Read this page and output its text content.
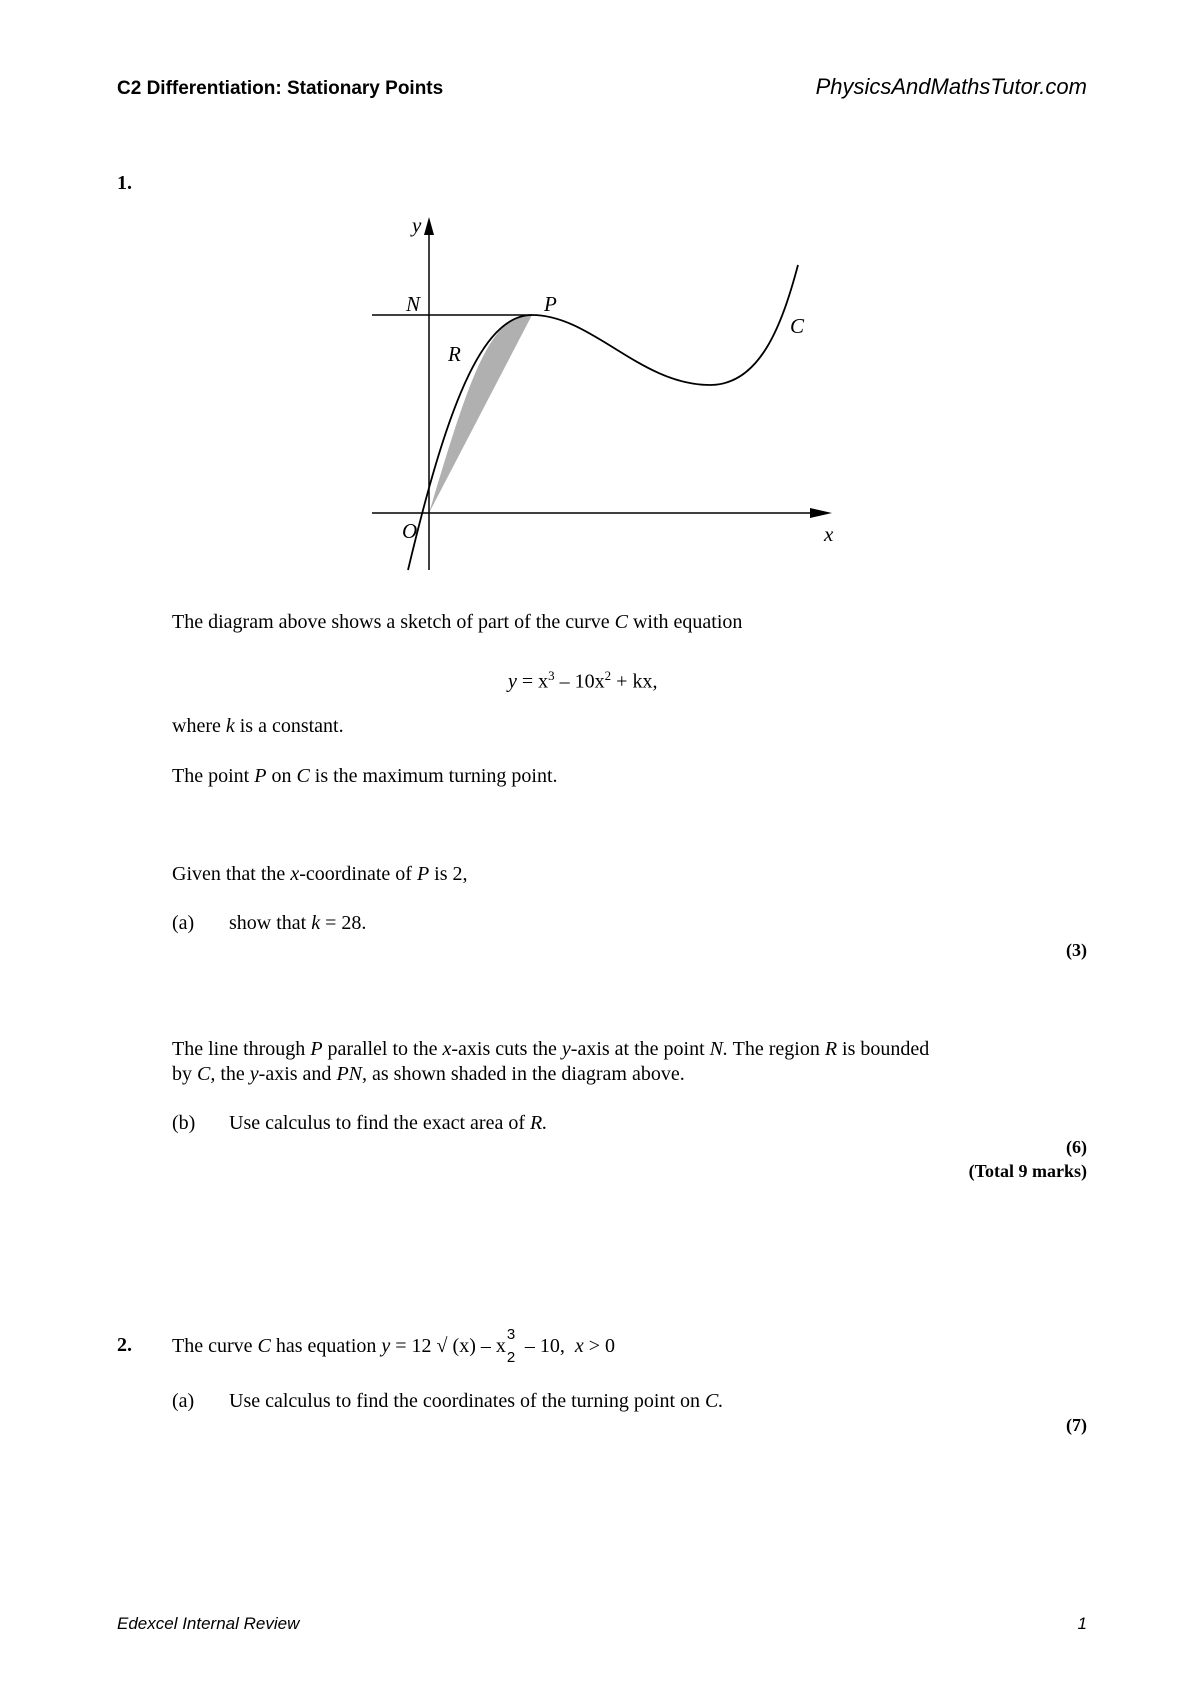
C2 Differentiation: Stationary Points	PhysicsAndMathsTutor.com
1.
y
N	P
R
C
O	x
The diagram above shows a sketch of part of the curve C with equation
$y = x^3 - 10x^2$ + kx,
where k is a constant.
The point P on C is the maximum turning point.
Given that the x-coordinate of P is 2,
(a) show that k = 28.
(3)
The line through P parallel to the x-axis cuts the y-axis at the point N. The region R is bounded
by C, the y-axis and PN, as shown shaded in the diagram above.
(b) Use calculus to find the exact area of R.
(6)
(Total 9 marks)
2. The curve C has equation y = 12 √ (x) – x
3
2
– 10, x > 0
(a) Use calculus to find the coordinates of the turning point on C.
(7)
Edexcel Internal Review	1
